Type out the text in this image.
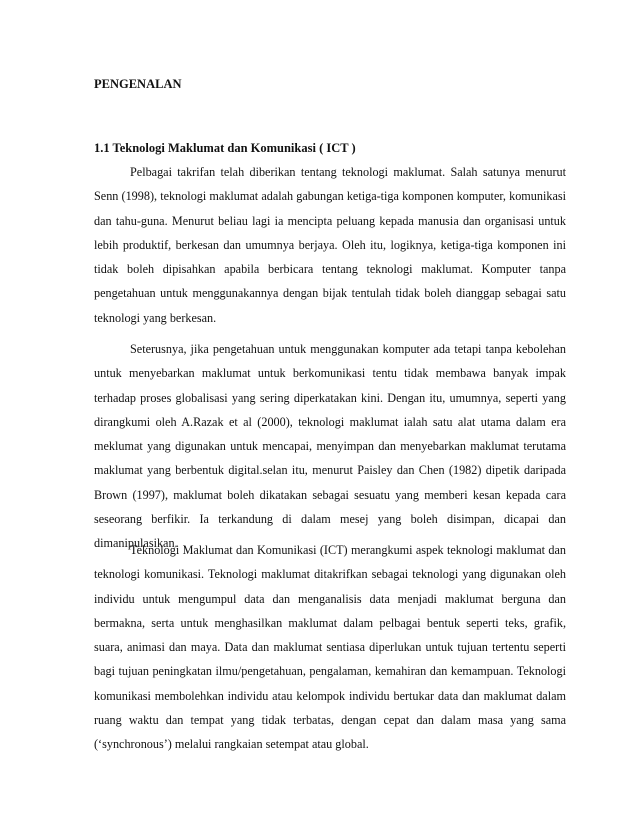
PENGENALAN
1.1 Teknologi Maklumat dan Komunikasi ( ICT )

Pelbagai takrifan telah diberikan tentang teknologi maklumat. Salah satunya menurut Senn (1998), teknologi maklumat adalah gabungan ketiga-tiga komponen komputer, komunikasi dan tahu-guna. Menurut beliau lagi ia mencipta peluang kepada manusia dan organisasi untuk lebih produktif, berkesan dan umumnya berjaya. Oleh itu, logiknya, ketiga-tiga komponen ini tidak boleh dipisahkan apabila berbicara tentang teknologi maklumat. Komputer tanpa pengetahuan untuk menggunakannya dengan bijak tentulah tidak boleh dianggap sebagai satu teknologi yang berkesan.

Seterusnya, jika pengetahuan untuk menggunakan komputer ada tetapi tanpa kebolehan untuk menyebarkan maklumat untuk berkomunikasi tentu tidak membawa banyak impak terhadap proses globalisasi yang sering diperkatakan kini. Dengan itu, umumnya, seperti yang dirangkumi oleh A.Razak et al (2000), teknologi maklumat ialah satu alat utama dalam era meklumat yang digunakan untuk mencapai, menyimpan dan menyebarkan maklumat terutama maklumat yang berbentuk digital.selan itu, menurut Paisley dan Chen (1982) dipetik daripada Brown (1997), maklumat boleh dikatakan sebagai sesuatu yang memberi kesan kepada cara seseorang berfikir. Ia terkandung di dalam mesej yang boleh disimpan, dicapai dan dimanipulasikan.

Teknologi Maklumat dan Komunikasi (ICT) merangkumi aspek teknologi maklumat dan teknologi komunikasi. Teknologi maklumat ditakrifkan sebagai teknologi yang digunakan oleh individu untuk mengumpul data dan menganalisis data menjadi maklumat berguna dan bermakna, serta untuk menghasilkan maklumat dalam pelbagai bentuk seperti teks, grafik, suara, animasi dan maya. Data dan maklumat sentiasa diperlukan untuk tujuan tertentu seperti bagi tujuan peningkatan ilmu/pengetahuan, pengalaman, kemahiran dan kemampuan. Teknologi komunikasi membolehkan individu atau kelompok individu bertukar data dan maklumat dalam ruang waktu dan tempat yang tidak terbatas, dengan cepat dan dalam masa yang sama (‘synchronous’) melalui rangkaian setempat atau global.
